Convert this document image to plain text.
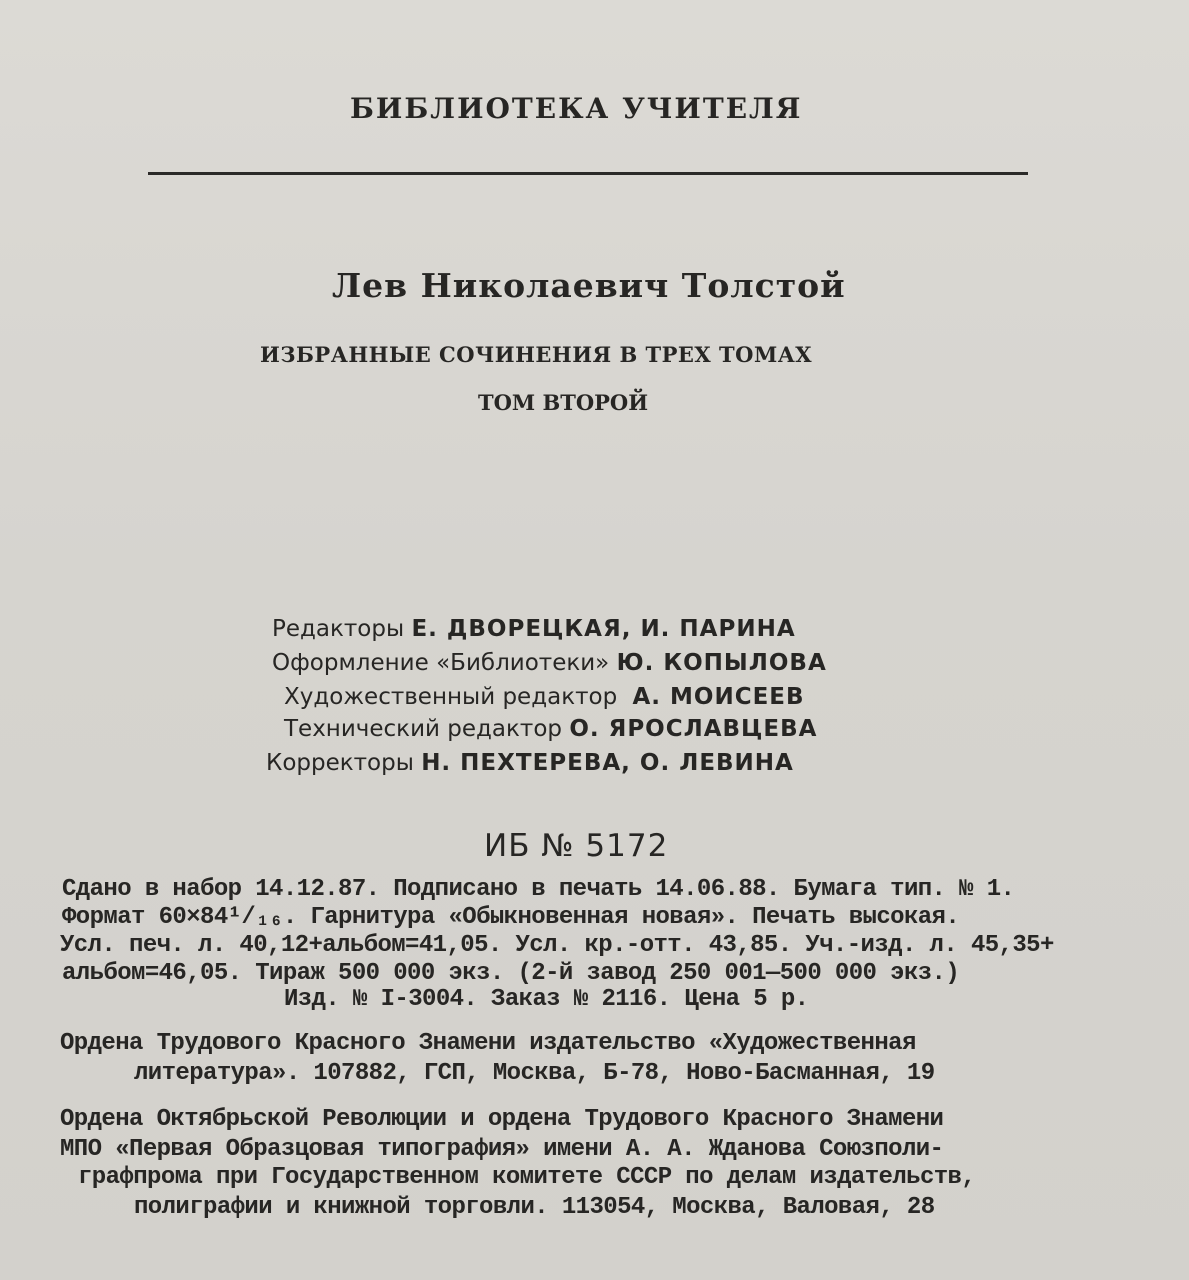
БИБЛИОТЕКА УЧИТЕЛЯ
Лев Николаевич Толстой
ИЗБРАННЫЕ СОЧИНЕНИЯ В ТРЕХ ТОМАХ
ТОМ ВТОРОЙ
Редакторы Е. ДВОРЕЦКАЯ, И. ПАРИНА
Оформление «Библиотеки» Ю. КОПЫЛОВА
Художественный редактор А. МОИСЕЕВ
Технический редактор О. ЯРОСЛАВЦЕВА
Корректоры Н. ПЕХТЕРЕВА, О. ЛЕВИНА
ИБ № 5172
Сдано в набор 14.12.87. Подписано в печать 14.06.88. Бумага тип. № 1.
Формат 60×84¹/₁₆. Гарнитура «Обыкновенная новая». Печать высокая.
Усл. печ. л. 40,12+альбом=41,05. Усл. кр.-отт. 43,85. Уч.-изд. л. 45,35+
альбом=46,05. Тираж 500 000 экз. (2-й завод 250 001—500 000 экз.)
Изд. № I-3004. Заказ № 2116. Цена 5 р.
Ордена Трудового Красного Знамени издательство «Художественная
литература». 107882, ГСП, Москва, Б-78, Ново-Басманная, 19
Ордена Октябрьской Революции и ордена Трудового Красного Знамени
МПО «Первая Образцовая типография» имени А. А. Жданова Союзполи-
графпрома при Государственном комитете СССР по делам издательств,
полиграфии и книжной торговли. 113054, Москва, Валовая, 28
